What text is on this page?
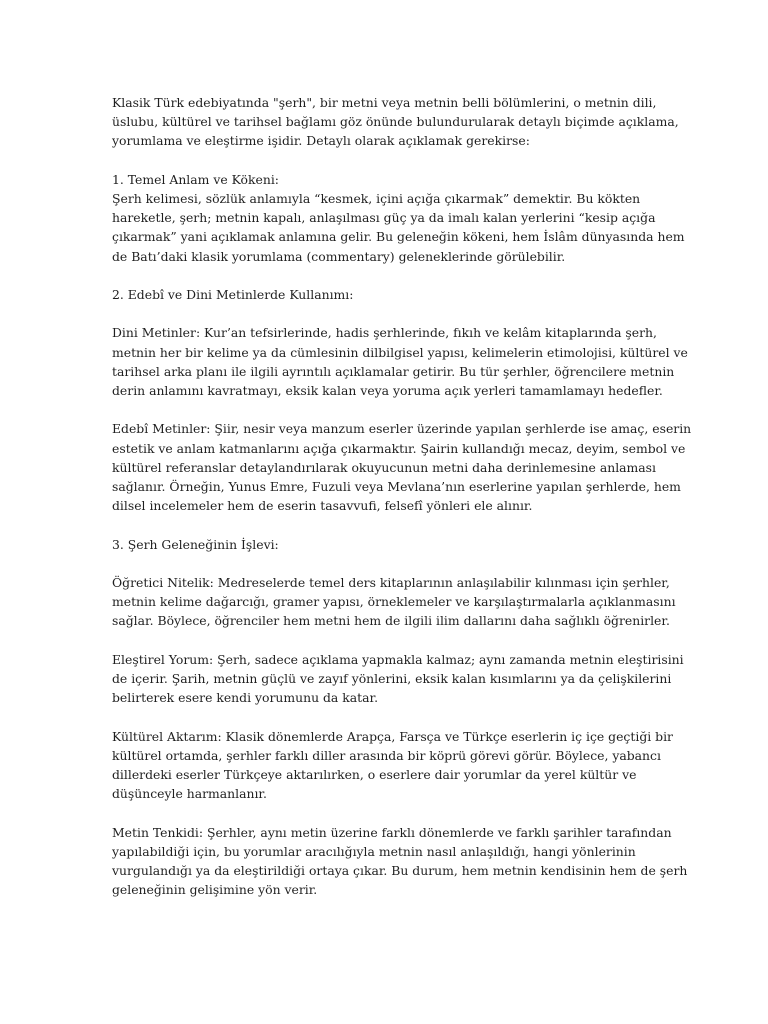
Klasik Türk edebiyatında "şerh", bir metni veya metnin belli bölümlerini, o metnin dili,
üslubu, kültürel ve tarihsel bağlamı göz önünde bulundurularak detaylı biçimde açıklama,
yorumlama ve eleştirme işidir. Detaylı olarak açıklamak gerekirse:
1. Temel Anlam ve Kökeni:
Şerh kelimesi, sözlük anlamıyla “kesmek, içini açığa çıkarmak” demektir. Bu kökten
hareketle, şerh; metnin kapalı, anlaşılması güç ya da imalı kalan yerlerini “kesip açığa
çıkarmak” yani açıklamak anlamına gelir. Bu geleneğin kökeni, hem İslâm dünyasında hem
de Batı’daki klasik yorumlama (commentary) geleneklerinde görülebilir.
2. Edebî ve Dini Metinlerde Kullanımı:
Dini Metinler: Kur’an tefsirlerinde, hadis şerhlerinde, fıkıh ve kelâm kitaplarında şerh,
metnin her bir kelime ya da cümlesinin dilbilgisel yapısı, kelimelerin etimolojisi, kültürel ve
tarihsel arka planı ile ilgili ayrıntılı açıklamalar getirir. Bu tür şerhler, öğrencilere metnin
derin anlamını kavratmayı, eksik kalan veya yoruma açık yerleri tamamlamayı hedefler.
Edebî Metinler: Şiir, nesir veya manzum eserler üzerinde yapılan şerhlerde ise amaç, eserin
estetik ve anlam katmanlarını açığa çıkarmaktır. Şairin kullandığı mecaz, deyim, sembol ve
kültürel referanslar detaylandırılarak okuyucunun metni daha derinlemesine anlaması
sağlanır. Örneğin, Yunus Emre, Fuzuli veya Mevlana’nın eserlerine yapılan şerhlerde, hem
dilsel incelemeler hem de eserin tasavvufi, felsefî yönleri ele alınır.
3. Şerh Geleneğinin İşlevi:
Öğretici Nitelik: Medreselerde temel ders kitaplarının anlaşılabilir kılınması için şerhler,
metnin kelime dağarcığı, gramer yapısı, örneklemeler ve karşılaştırmalarla açıklanmasını
sağlar. Böylece, öğrenciler hem metni hem de ilgili ilim dallarını daha sağlıklı öğrenirler.
Eleştirel Yorum: Şerh, sadece açıklama yapmakla kalmaz; aynı zamanda metnin eleştirisini
de içerir. Şarih, metnin güçlü ve zayıf yönlerini, eksik kalan kısımlarını ya da çelişkilerini
belirterek esere kendi yorumunu da katar.
Kültürel Aktarım: Klasik dönemlerde Arapça, Farsça ve Türkçe eserlerin iç içe geçtiği bir
kültürel ortamda, şerhler farklı diller arasında bir köprü görevi görür. Böylece, yabancı
dillerdeki eserler Türkçeye aktarılırken, o eserlere dair yorumlar da yerel kültür ve
düşünceyle harmanlanır.
Metin Tenkidi: Şerhler, aynı metin üzerine farklı dönemlerde ve farklı şarihler tarafından
yapılabildiği için, bu yorumlar aracılığıyla metnin nasıl anlaşıldığı, hangi yönlerinin
vurgulandığı ya da eleştirildiği ortaya çıkar. Bu durum, hem metnin kendisinin hem de şerh
geleneğinin gelişimine yön verir.
